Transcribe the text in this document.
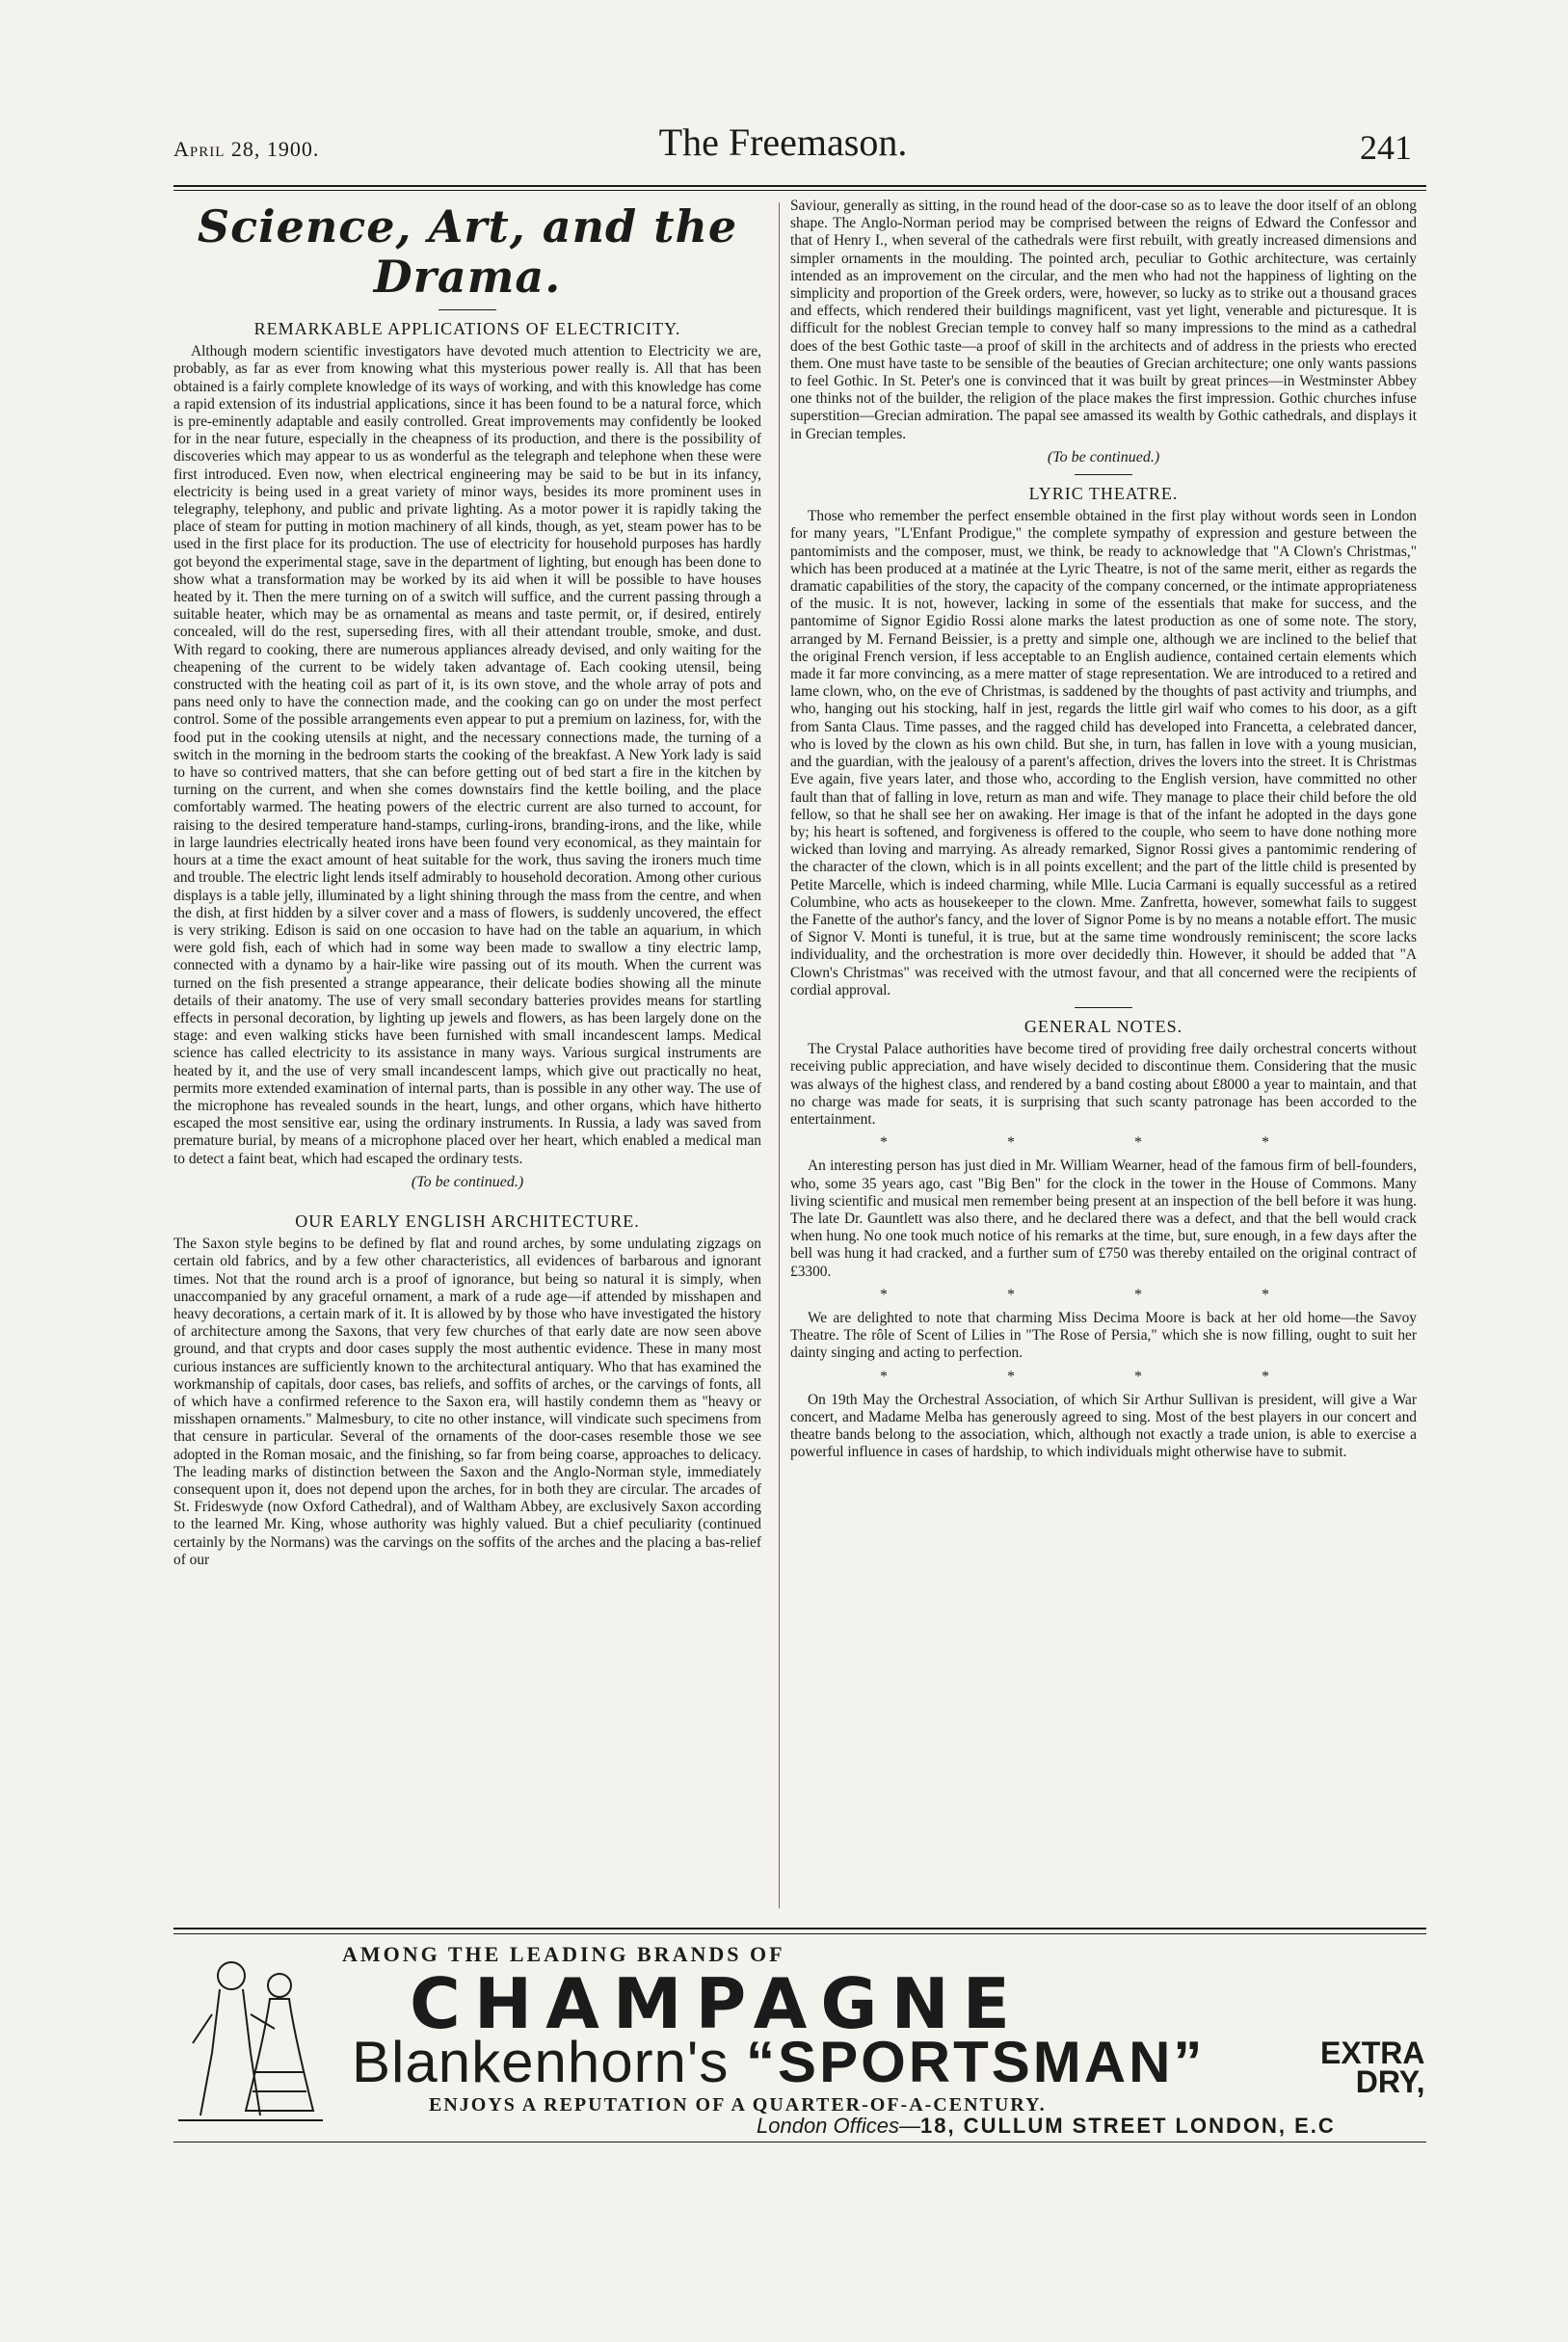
April 28, 1900.	The Freemason.	241
Science, Art, and the Drama.
REMARKABLE APPLICATIONS OF ELECTRICITY.

Although modern scientific investigators have devoted much attention to Electricity we are, probably, as far as ever from knowing what this mysterious power really is. All that has been obtained is a fairly complete knowledge of its ways of working, and with this knowledge has come a rapid extension of its industrial applications, since it has been found to be a natural force, which is pre-eminently adaptable and easily controlled. Great improvements may confidently be looked for in the near future, especially in the cheapness of its production, and there is the possibility of discoveries which may appear to us as wonderful as the telegraph and telephone when these were first introduced. Even now, when electrical engineering may be said to be but in its infancy, electricity is being used in a great variety of minor ways, besides its more prominent uses in telegraphy, telephony, and public and private lighting. As a motor power it is rapidly taking the place of steam for putting in motion machinery of all kinds, though, as yet, steam power has to be used in the first place for its production. The use of electricity for household purposes has hardly got beyond the experimental stage, save in the department of lighting, but enough has been done to show what a transformation may be worked by its aid when it will be possible to have houses heated by it. Then the mere turning on of a switch will suffice, and the current passing through a suitable heater, which may be as ornamental as means and taste permit, or, if desired, entirely concealed, will do the rest, superseding fires, with all their attendant trouble, smoke, and dust. With regard to cooking, there are numerous appliances already devised, and only waiting for the cheapening of the current to be widely taken advantage of. Each cooking utensil, being constructed with the heating coil as part of it, is its own stove, and the whole array of pots and pans need only to have the connection made, and the cooking can go on under the most perfect control. Some of the possible arrangements even appear to put a premium on laziness, for, with the food put in the cooking utensils at night, and the necessary connections made, the turning of a switch in the morning in the bedroom starts the cooking of the breakfast. A New York lady is said to have so contrived matters, that she can before getting out of bed start a fire in the kitchen by turning on the current, and when she comes downstairs find the kettle boiling, and the place comfortably warmed. The heating powers of the electric current are also turned to account, for raising to the desired temperature hand-stamps, curling-irons, branding-irons, and the like, while in large laundries electrically heated irons have been found very economical, as they maintain for hours at a time the exact amount of heat suitable for the work, thus saving the ironers much time and trouble. The electric light lends itself admirably to household decoration. Among other curious displays is a table jelly, illuminated by a light shining through the mass from the centre, and when the dish, at first hidden by a silver cover and a mass of flowers, is suddenly uncovered, the effect is very striking. Edison is said on one occasion to have had on the table an aquarium, in which were gold fish, each of which had in some way been made to swallow a tiny electric lamp, connected with a dynamo by a hair-like wire passing out of its mouth. When the current was turned on the fish presented a strange appearance, their delicate bodies showing all the minute details of their anatomy. The use of very small secondary batteries provides means for startling effects in personal decoration, by lighting up jewels and flowers, as has been largely done on the stage: and even walking sticks have been furnished with small incandescent lamps. Medical science has called electricity to its assistance in many ways. Various surgical instruments are heated by it, and the use of very small incandescent lamps, which give out practically no heat, permits more extended examination of internal parts, than is possible in any other way. The use of the microphone has revealed sounds in the heart, lungs, and other organs, which have hitherto escaped the most sensitive ear, using the ordinary instruments. In Russia, a lady was saved from premature burial, by means of a microphone placed over her heart, which enabled a medical man to detect a faint beat, which had escaped the ordinary tests.

(To be continued.)
OUR EARLY ENGLISH ARCHITECTURE.

The Saxon style begins to be defined by flat and round arches, by some undulating zigzags on certain old fabrics, and by a few other characteristics, all evidences of barbarous and ignorant times. Not that the round arch is a proof of ignorance, but being so natural it is simply, when unaccompanied by any graceful ornament, a mark of a rude age—if attended by misshapen and heavy decorations, a certain mark of it. It is allowed by by those who have investigated the history of architecture among the Saxons, that very few churches of that early date are now seen above ground, and that crypts and door cases supply the most authentic evidence. These in many most curious instances are sufficiently known to the architectural antiquary. Who that has examined the workmanship of capitals, door cases, bas reliefs, and soffits of arches, or the carvings of fonts, all of which have a confirmed reference to the Saxon era, will hastily condemn them as "heavy or misshapen ornaments." Malmesbury, to cite no other instance, will vindicate such specimens from that censure in particular. Several of the ornaments of the door-cases resemble those we see adopted in the Roman mosaic, and the finishing, so far from being coarse, approaches to delicacy. The leading marks of distinction between the Saxon and the Anglo-Norman style, immediately consequent upon it, does not depend upon the arches, for in both they are circular. The arcades of St. Frideswyde (now Oxford Cathedral), and of Waltham Abbey, are exclusively Saxon according to the learned Mr. King, whose authority was highly valued. But a chief peculiarity (continued certainly by the Normans) was the carvings on the soffits of the arches and the placing a bas-relief of our

Saviour, generally as sitting, in the round head of the door-case so as to leave the door itself of an oblong shape. The Anglo-Norman period may be comprised between the reigns of Edward the Confessor and that of Henry I., when several of the cathedrals were first rebuilt, with greatly increased dimensions and simpler ornaments in the moulding. The pointed arch, peculiar to Gothic architecture, was certainly intended as an improvement on the circular, and the men who had not the happiness of lighting on the simplicity and proportion of the Greek orders, were, however, so lucky as to strike out a thousand graces and effects, which rendered their buildings magnificent, vast yet light, venerable and picturesque. It is difficult for the noblest Grecian temple to convey half so many impressions to the mind as a cathedral does of the best Gothic taste—a proof of skill in the architects and of address in the priests who erected them. One must have taste to be sensible of the beauties of Grecian architecture; one only wants passions to feel Gothic. In St. Peter's one is convinced that it was built by great princes—in Westminster Abbey one thinks not of the builder, the religion of the place makes the first impression. Gothic churches infuse superstition—Grecian admiration. The papal see amassed its wealth by Gothic cathedrals, and displays it in Grecian temples.

(To be continued.)
LYRIC THEATRE.

Those who remember the perfect ensemble obtained in the first play without words seen in London for many years, "L'Enfant Prodigue," the complete sympathy of expression and gesture between the pantomimists and the composer, must, we think, be ready to acknowledge that "A Clown's Christmas," which has been produced at a matinée at the Lyric Theatre, is not of the same merit, either as regards the dramatic capabilities of the story, the capacity of the company concerned, or the intimate appropriateness of the music. It is not, however, lacking in some of the essentials that make for success, and the pantomime of Signor Egidio Rossi alone marks the latest production as one of some note. The story, arranged by M. Fernand Beissier, is a pretty and simple one, although we are inclined to the belief that the original French version, if less acceptable to an English audience, contained certain elements which made it far more convincing, as a mere matter of stage representation. We are introduced to a retired and lame clown, who, on the eve of Christmas, is saddened by the thoughts of past activity and triumphs, and who, hanging out his stocking, half in jest, regards the little girl waif who comes to his door, as a gift from Santa Claus. Time passes, and the ragged child has developed into Francetta, a celebrated dancer, who is loved by the clown as his own child. But she, in turn, has fallen in love with a young musician, and the guardian, with the jealousy of a parent's affection, drives the lovers into the street. It is Christmas Eve again, five years later, and those who, according to the English version, have committed no other fault than that of falling in love, return as man and wife. They manage to place their child before the old fellow, so that he shall see her on awaking. Her image is that of the infant he adopted in the days gone by; his heart is softened, and forgiveness is offered to the couple, who seem to have done nothing more wicked than loving and marrying. As already remarked, Signor Rossi gives a pantomimic rendering of the character of the clown, which is in all points excellent; and the part of the little child is presented by Petite Marcelle, which is indeed charming, while Mlle. Lucia Carmani is equally successful as a retired Columbine, who acts as housekeeper to the clown. Mme. Zanfretta, however, somewhat fails to suggest the Fanette of the author's fancy, and the lover of Signor Pome is by no means a notable effort. The music of Signor V. Monti is tuneful, it is true, but at the same time wondrously reminiscent; the score lacks individuality, and the orchestration is more over decidedly thin. However, it should be added that "A Clown's Christmas" was received with the utmost favour, and that all concerned were the recipients of cordial approval.

GENERAL NOTES.

The Crystal Palace authorities have become tired of providing free daily orchestral concerts without receiving public appreciation, and have wisely decided to discontinue them. Considering that the music was always of the highest class, and rendered by a band costing about £8000 a year to maintain, and that no charge was made for seats, it is surprising that such scanty patronage has been accorded to the entertainment.

* * * *

An interesting person has just died in Mr. William Wearner, head of the famous firm of bell-founders, who, some 35 years ago, cast "Big Ben" for the clock in the tower in the House of Commons. Many living scientific and musical men remember being present at an inspection of the bell before it was hung. The late Dr. Gauntlett was also there, and he declared there was a defect, and that the bell would crack when hung. No one took much notice of his remarks at the time, but, sure enough, in a few days after the bell was hung it had cracked, and a further sum of £750 was thereby entailed on the original contract of £3300.

* * * *

We are delighted to note that charming Miss Decima Moore is back at her old home—the Savoy Theatre. The rôle of Scent of Lilies in "The Rose of Persia," which she is now filling, ought to suit her dainty singing and acting to perfection.

* * * *

On 19th May the Orchestral Association, of which Sir Arthur Sullivan is president, will give a War concert, and Madame Melba has generously agreed to sing. Most of the best players in our concert and theatre bands belong to the association, which, although not exactly a trade union, is able to exercise a powerful influence in cases of hardship, to which individuals might otherwise have to submit.

AMONG THE LEADING BRANDS OF
CHAMPAGNE
Blankenhorn's “SPORTSMAN”	EXTRA
DRY,
ENJOYS A REPUTATION OF A QUARTER-OF-A-CENTURY.
London Offices—18, CULLUM STREET LONDON, E.C
